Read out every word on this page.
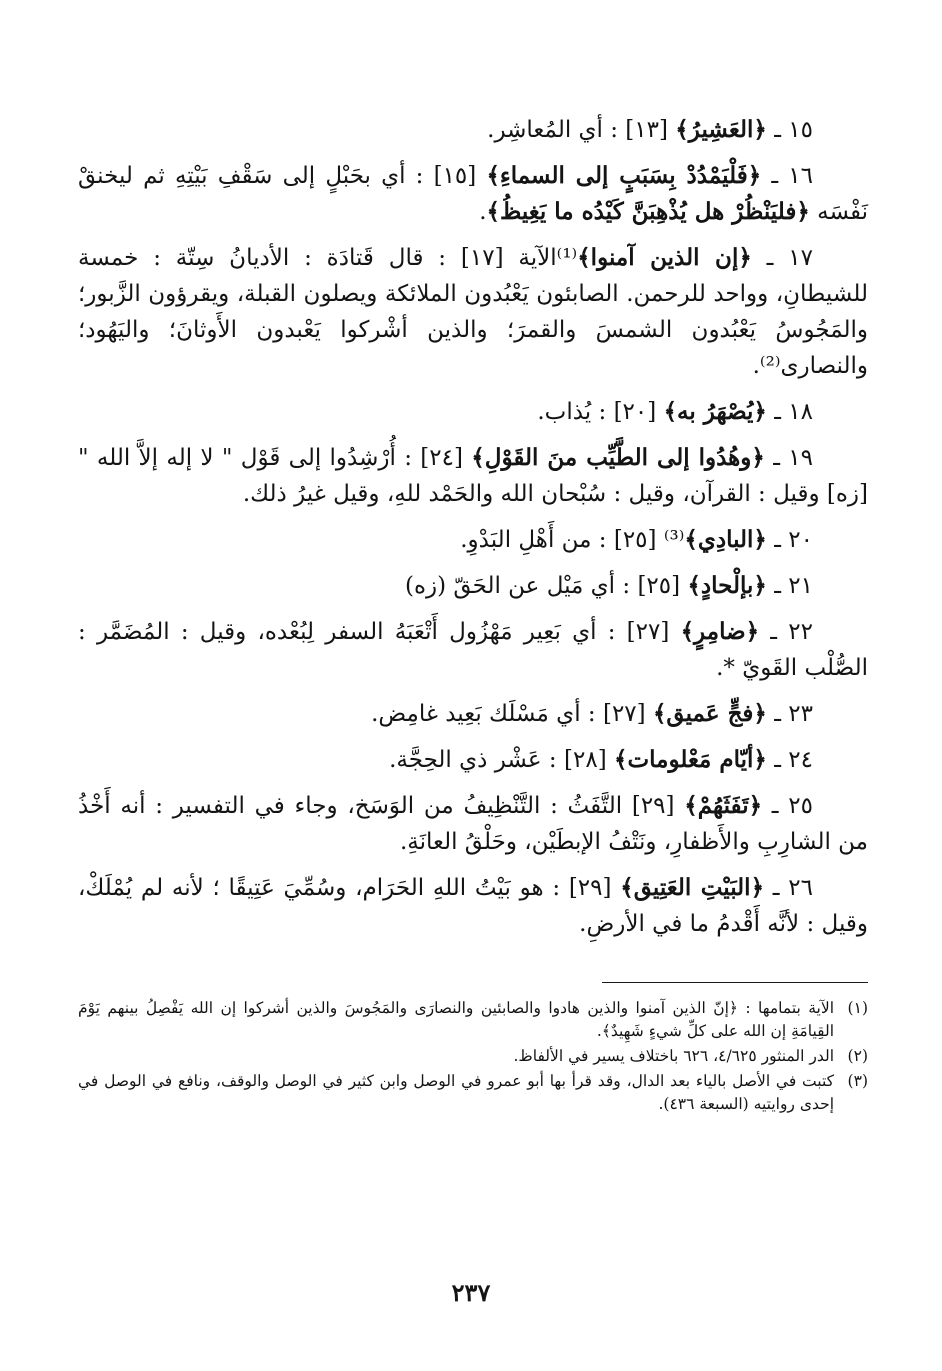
١٥ ـ ﴿العَشِيرُ﴾ [١٣] : أي المُعاشِر.

١٦ ـ ﴿فَلْيَمْدُدْ بِسَبَبٍ إلى السماءِ﴾ [١٥] : أي بحَبْلٍ إلى سَقْفِ بَيْتِهِ ثم ليخنقْ نَفْسَه ﴿فليَنْظُرْ هل يُذْهِبَنَّ كَيْدُه ما يَغِيظُ﴾.

١٧ ـ ﴿إن الذين آمنوا﴾⁽¹⁾الآية [١٧] : قال قَتادَة : الأديانُ سِتّة : خمسة للشيطانِ، وواحد للرحمن. الصابئون يَعْبُدون الملائكة ويصلون القبلة، ويقرؤون الزَّبور؛ والمَجُوسُ يَعْبُدون الشمسَ والقمرَ؛ والذين أشْركوا يَعْبدون الأَوثانَ؛ واليَهُود؛ والنصارى⁽²⁾.

١٨ ـ ﴿يُصْهَرُ به﴾ [٢٠] : يُذاب.

١٩ ـ ﴿وهُدُوا إلى الطَّيِّب منَ القَوْلِ﴾ [٢٤] : أُرْشِدُوا إلى قَوْل " لا إله إلاَّ الله " [زه] وقيل : القرآن، وقيل : سُبْحان الله والحَمْد للهِ، وقيل غيرُ ذلك.

٢٠ ـ ﴿البادِي﴾⁽³⁾ [٢٥] : من أَهْلِ البَدْوِ.

٢١ ـ ﴿بإلْحادٍ﴾ [٢٥] : أي مَيْل عن الحَقّ (زه)

٢٢ ـ ﴿ضامِرٍ﴾ [٢٧] : أي بَعِير مَهْزُول أَتْعَبَهُ السفر لِبُعْده، وقيل : المُضَمَّر : الصُّلْب القَويّ *.

٢٣ ـ ﴿فجٍّ عَميق﴾ [٢٧] : أي مَسْلَك بَعِيد غامِض.

٢٤ ـ ﴿أيّام مَعْلومات﴾ [٢٨] : عَشْر ذي الحِجَّة.

٢٥ ـ ﴿تَفَثَهُمْ﴾ [٢٩] التَّفَثُ : التَّنْظِيفُ من الوَسَخ، وجاء في التفسير : أنه أَخْذُ من الشارِبِ والأَظفارِ، ونَتْفُ الإبطَيْن، وحَلْقُ العانَةِ.

٢٦ ـ ﴿البَيْتِ العَتِيق﴾ [٢٩] : هو بَيْتُ اللهِ الحَرَام، وسُمِّيَ عَتِيقًا ؛ لأنه لم يُمْلَكْ، وقيل : لأنَّه أَقْدمُ ما في الأرضِ.

(١)
الآية بتمامها : ﴿إنّ الذين آمنوا والذين هادوا والصابئين والنصارَى والمَجُوسَ والذين أشركوا إن الله يَفْصِلُ بينهم يَوْمَ القِيامَةِ إن الله على كلِّ شيءٍ شَهِيدٌ﴾.
(٢)
الدر المنثور ٤/٦٢٥، ٦٢٦ باختلاف يسير في الألفاظ.
(٣)
كتبت في الأصل بالياء بعد الدال، وقد قرأ بها أبو عمرو في الوصل وابن كثير في الوصل والوقف، ونافع في الوصل في إحدى روايتيه (السبعة ٤٣٦).
٢٣٧
